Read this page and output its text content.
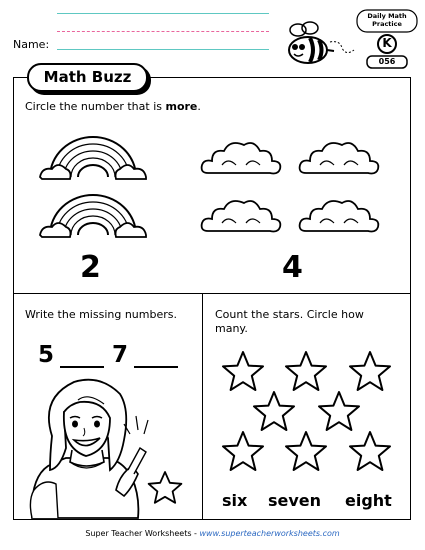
Name:
Daily Math
Practice
K
056
Math Buzz
Circle the number that is more.
2	4
Write the missing numbers.
5	7
Count the stars. Circle how
many.
six seven eight
Super Teacher Worksheets - www.superteacherworksheets.com
